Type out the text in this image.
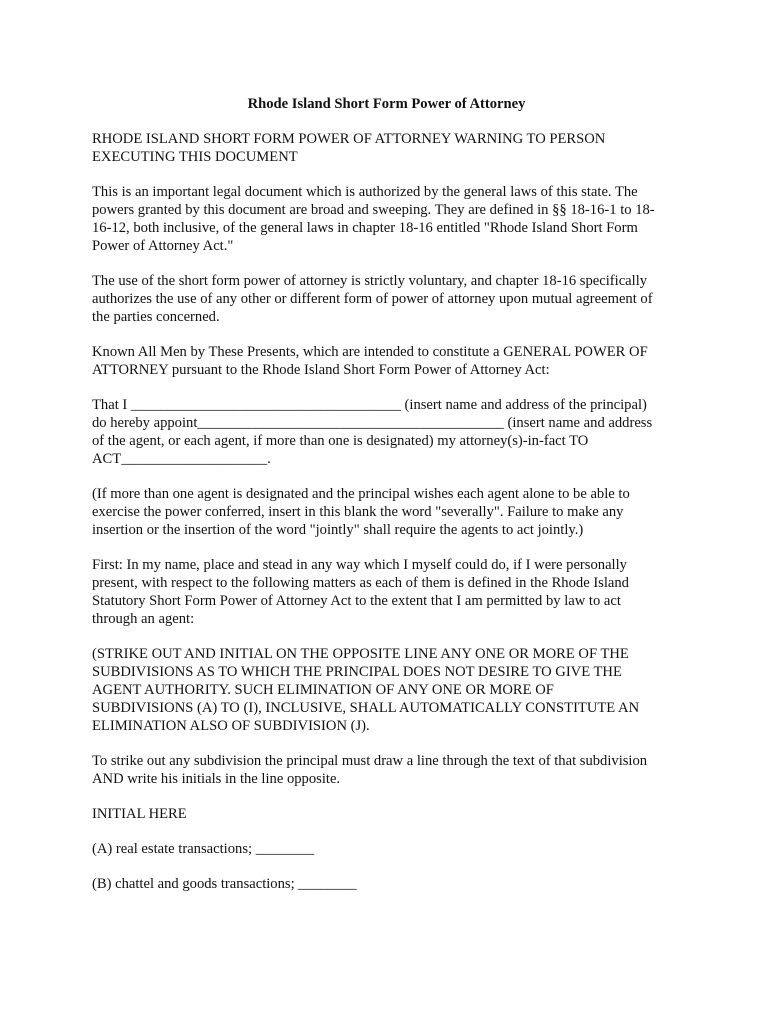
Rhode Island Short Form Power of Attorney
RHODE ISLAND SHORT FORM POWER OF ATTORNEY WARNING TO PERSON
EXECUTING THIS DOCUMENT
This is an important legal document which is authorized by the general laws of this state. The
powers granted by this document are broad and sweeping. They are defined in §§ 18-16-1 to 18-
16-12, both inclusive, of the general laws in chapter 18-16 entitled "Rhode Island Short Form
Power of Attorney Act."
The use of the short form power of attorney is strictly voluntary, and chapter 18-16 specifically
authorizes the use of any other or different form of power of attorney upon mutual agreement of
the parties concerned.
Known All Men by These Presents, which are intended to constitute a GENERAL POWER OF
ATTORNEY pursuant to the Rhode Island Short Form Power of Attorney Act:
That I _____________________________________ (insert name and address of the principal)
do hereby appoint__________________________________________ (insert name and address
of the agent, or each agent, if more than one is designated) my attorney(s)-in-fact TO
ACT____________________.
(If more than one agent is designated and the principal wishes each agent alone to be able to
exercise the power conferred, insert in this blank the word "severally". Failure to make any
insertion or the insertion of the word "jointly" shall require the agents to act jointly.)
First: In my name, place and stead in any way which I myself could do, if I were personally
present, with respect to the following matters as each of them is defined in the Rhode Island
Statutory Short Form Power of Attorney Act to the extent that I am permitted by law to act
through an agent:
(STRIKE OUT AND INITIAL ON THE OPPOSITE LINE ANY ONE OR MORE OF THE
SUBDIVISIONS AS TO WHICH THE PRINCIPAL DOES NOT DESIRE TO GIVE THE
AGENT AUTHORITY. SUCH ELIMINATION OF ANY ONE OR MORE OF
SUBDIVISIONS (A) TO (I), INCLUSIVE, SHALL AUTOMATICALLY CONSTITUTE AN
ELIMINATION ALSO OF SUBDIVISION (J).
To strike out any subdivision the principal must draw a line through the text of that subdivision
AND write his initials in the line opposite.
INITIAL HERE
(A) real estate transactions; ________
(B) chattel and goods transactions; ________
